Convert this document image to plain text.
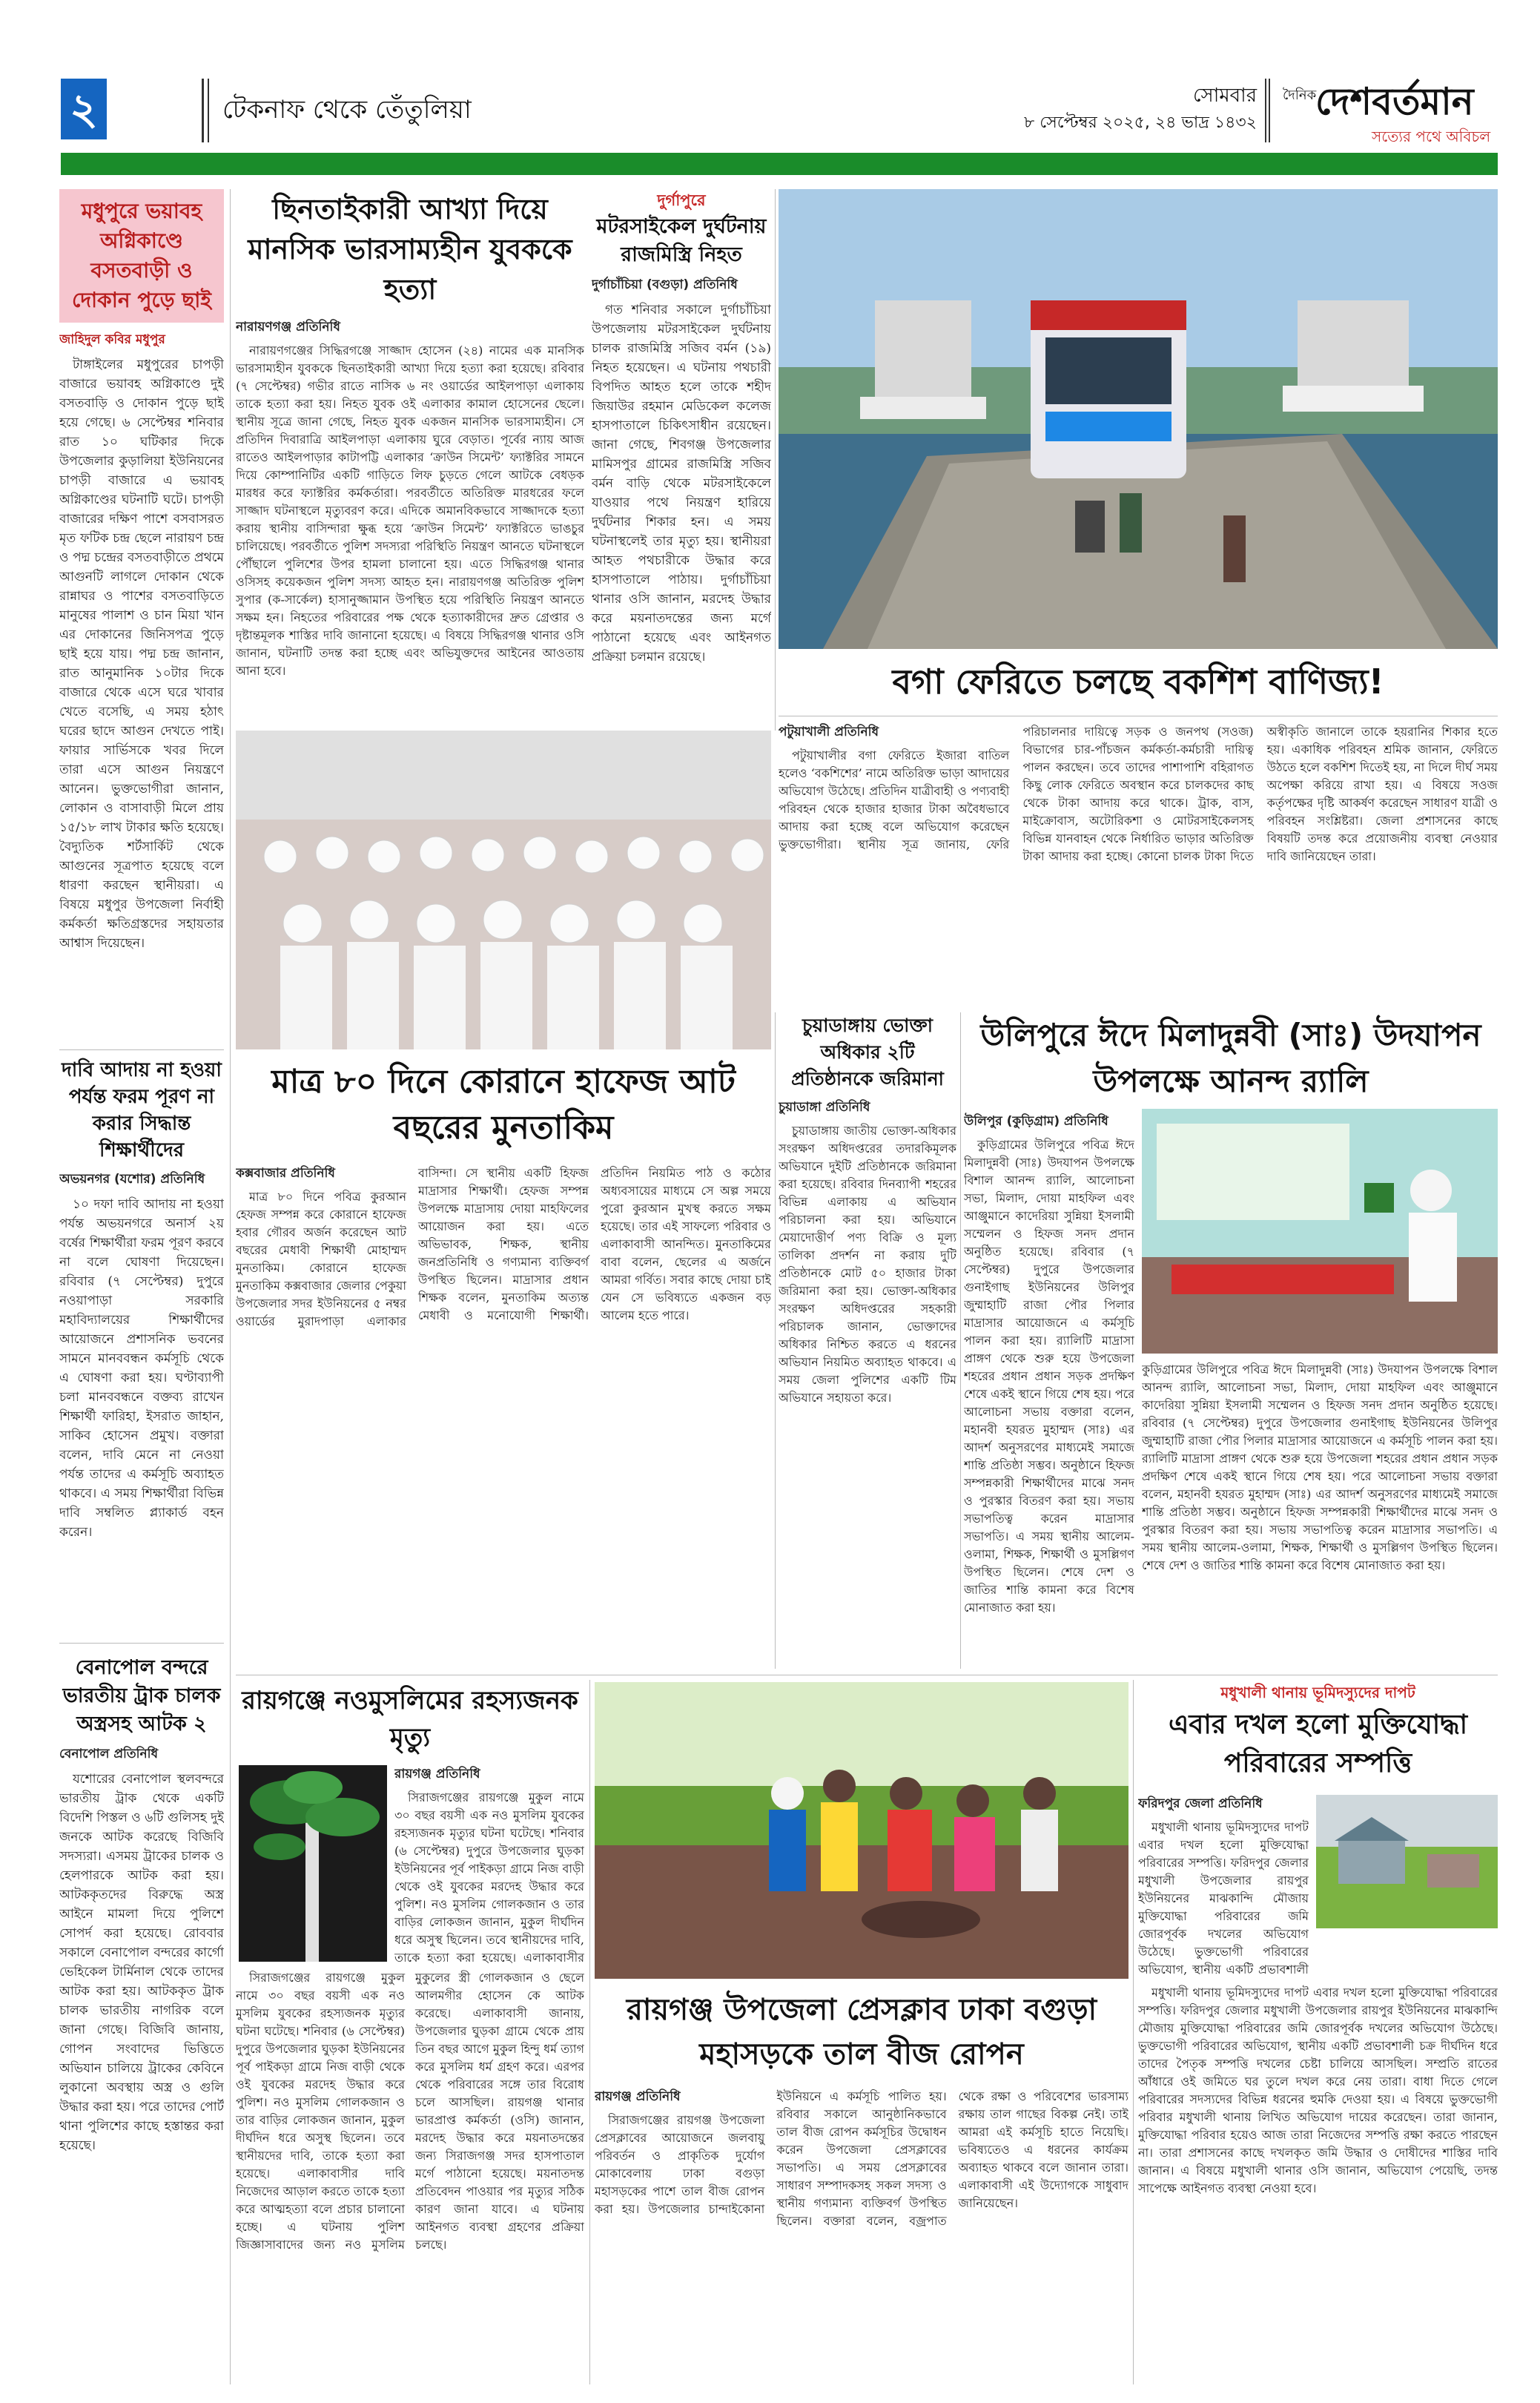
২	টেকনাফ থেকে তেঁতুলিয়া	সোমবার
৮ সেপ্টেম্বর ২০২৫, ২৪ ভাদ্র ১৪৩২
দৈনিক
দেশবর্তমান
সত্যের পথে অবিচল
মধুপুরে ভয়াবহ অগ্নিকাণ্ডে বসতবাড়ী ও দোকান পুড়ে ছাই
জাহিদুল কবির মধুপুর

টাঙ্গাইলের মধুপুরের চাপড়ী বাজারে ভয়াবহ অগ্নিকাণ্ডে দুই বসতবাড়ি ও দোকান পুড়ে ছাই হয়ে গেছে। ৬ সেপ্টেম্বর শনিবার রাত ১০ ঘটিকার দিকে উপজেলার কুড়ালিয়া ইউনিয়নের চাপড়ী বাজারে এ ভয়াবহ অগ্নিকাণ্ডের ঘটনাটি ঘটে। চাপড়ী বাজারের দক্ষিণ পাশে বসবাসরত মৃত ফটিক চন্দ্র ছেলে নারায়ণ চন্দ্র ও পদ্ম চন্দ্রের বসতবাড়ীতে প্রথমে আগুনটি লাগলে দোকান থেকে রান্নাঘর ও পাশের বসতবাড়িতে মানুষের পালাশ ও চান মিয়া খান এর দোকানের জিনিসপত্র পুড়ে ছাই হয়ে যায়। পদ্ম চন্দ্র জানান, রাত আনুমানিক ১০টার দিকে বাজারে থেকে এসে ঘরে খাবার খেতে বসেছি, এ সময় হঠাৎ ঘরের ছাদে আগুন দেখতে পাই। ফায়ার সার্ভিসকে খবর দিলে তারা এসে আগুন নিয়ন্ত্রণে আনেন। ভুক্তভোগীরা জানান, লোকান ও বাসাবাড়ী মিলে প্রায় ১৫/১৮ লাখ টাকার ক্ষতি হয়েছে। বৈদ্যুতিক শর্টসার্কিট থেকে আগুনের সূত্রপাত হয়েছে বলে ধারণা করছেন স্থানীয়রা। এ বিষয়ে মধুপুর উপজেলা নির্বাহী কর্মকর্তা ক্ষতিগ্রস্তদের সহায়তার আশ্বাস দিয়েছেন।

দাবি আদায় না হওয়া পর্যন্ত ফরম পূরণ না করার সিদ্ধান্ত শিক্ষার্থীদের
অভয়নগর (যশোর) প্রতিনিধি

১০ দফা দাবি আদায় না হওয়া পর্যন্ত অভয়নগরে অনার্স ২য় বর্ষের শিক্ষার্থীরা ফরম পূরণ করবে না বলে ঘোষণা দিয়েছেন। রবিবার (৭ সেপ্টেম্বর) দুপুরে নওয়াপাড়া সরকারি মহাবিদ্যালয়ের শিক্ষার্থীদের আয়োজনে প্রশাসনিক ভবনের সামনে মানববন্ধন কর্মসূচি থেকে এ ঘোষণা করা হয়। ঘণ্টাব্যাপী চলা মানববন্ধনে বক্তব্য রাখেন শিক্ষার্থী ফারিহা, ইসরাত জাহান, সাকিব হোসেন প্রমুখ। বক্তারা বলেন, দাবি মেনে না নেওয়া পর্যন্ত তাদের এ কর্মসূচি অব্যাহত থাকবে। এ সময় শিক্ষার্থীরা বিভিন্ন দাবি সম্বলিত প্ল্যাকার্ড বহন করেন।

বেনাপোল বন্দরে ভারতীয় ট্রাক চালক অস্ত্রসহ আটক ২
বেনাপোল প্রতিনিধি

যশোরের বেনাপোল স্থলবন্দরে ভারতীয় ট্রাক থেকে একটি বিদেশি পিস্তল ও ৬টি গুলিসহ দুই জনকে আটক করেছে বিজিবি সদস্যরা। এসময় ট্রাকের চালক ও হেলপারকে আটক করা হয়। আটককৃতদের বিরুদ্ধে অস্ত্র আইনে মামলা দিয়ে পুলিশে সোপর্দ করা হয়েছে। রোববার সকালে বেনাপোল বন্দরের কার্গো ভেহিকেল টার্মিনাল থেকে তাদের আটক করা হয়। আটককৃত ট্রাক চালক ভারতীয় নাগরিক বলে জানা গেছে। বিজিবি জানায়, গোপন সংবাদের ভিত্তিতে অভিযান চালিয়ে ট্রাকের কেবিনে লুকানো অবস্থায় অস্ত্র ও গুলি উদ্ধার করা হয়। পরে তাদের পোর্ট থানা পুলিশের কাছে হস্তান্তর করা হয়েছে।

ছিনতাইকারী আখ্যা দিয়ে মানসিক ভারসাম্যহীন যুবককে হত্যা
নারায়ণগঞ্জ প্রতিনিধি

নারায়ণগঞ্জের সিদ্ধিরগঞ্জে সাজ্জাদ হোসেন (২৪) নামের এক মানসিক ভারসাম্যহীন যুবককে ছিনতাইকারী আখ্যা দিয়ে হত্যা করা হয়েছে। রবিবার (৭ সেপ্টেম্বর) গভীর রাতে নাসিক ৬ নং ওয়ার্ডের আইলপাড়া এলাকায় তাকে হত্যা করা হয়। নিহত যুবক ওই এলাকার কামাল হোসেনের ছেলে। স্থানীয় সূত্রে জানা গেছে, নিহত যুবক একজন মানসিক ভারসাম্যহীন। সে প্রতিদিন দিবারাত্রি আইলপাড়া এলাকায় ঘুরে বেড়াত। পূর্বের ন্যায় আজ রাতেও আইলপাড়ার কাটাপট্টি এলাকার ‘ক্রাউন সিমেন্ট’ ফ্যাক্টরির সামনে দিয়ে কোম্পানিটির একটি গাড়িতে লিফ চুড়তে গেলে আটকে বেধড়ক মারধর করে ফ্যাক্টরির কর্মকর্তারা। পরবর্তীতে অতিরিক্ত মারধরের ফলে সাজ্জাদ ঘটনাস্থলে মৃত্যুবরণ করে। এদিকে অমানবিকভাবে সাজ্জাদকে হত্যা করায় স্থানীয় বাসিন্দারা ক্ষুব্ধ হয়ে ‘ক্রাউন সিমেন্ট’ ফ্যাক্টরিতে ভাঙচুর চালিয়েছে। পরবর্তীতে পুলিশ সদস্যরা পরিস্থিতি নিয়ন্ত্রণ আনতে ঘটনাস্থলে পৌঁছালে পুলিশের উপর হামলা চালানো হয়। এতে সিদ্ধিরগঞ্জ থানার ওসিসহ কয়েকজন পুলিশ সদস্য আহত হন। নারায়ণগঞ্জ অতিরিক্ত পুলিশ সুপার (ক-সার্কেল) হাসানুজ্জামান উপস্থিত হয়ে পরিস্থিতি নিয়ন্ত্রণ আনতে সক্ষম হন। নিহতের পরিবারের পক্ষ থেকে হত্যাকারীদের দ্রুত গ্রেপ্তার ও দৃষ্টান্তমূলক শাস্তির দাবি জানানো হয়েছে। এ বিষয়ে সিদ্ধিরগঞ্জ থানার ওসি জানান, ঘটনাটি তদন্ত করা হচ্ছে এবং অভিযুক্তদের আইনের আওতায় আনা হবে।

দুর্গাপুরে
মটরসাইকেল দুর্ঘটনায় রাজমিস্ত্রি নিহত
দুর্গাচাঁচিয়া (বগুড়া) প্রতিনিধি

গত শনিবার সকালে দুর্গাচাঁচিয়া উপজেলায় মটরসাইকেল দুর্ঘটনায় চালক রাজমিস্ত্রি সজিব বর্মন (১৯) নিহত হয়েছেন। এ ঘটনায় পথচারী বিপদিত আহত হলে তাকে শহীদ জিয়াউর রহমান মেডিকেল কলেজ হাসপাতালে চিকিৎসাধীন রয়েছেন। জানা গেছে, শিবগঞ্জ উপজেলার মামিসপুর গ্রামের রাজমিস্ত্রি সজিব বর্মন বাড়ি থেকে মটরসাইকেলে যাওয়ার পথে নিয়ন্ত্রণ হারিয়ে দুর্ঘটনার শিকার হন। এ সময় ঘটনাস্থলেই তার মৃত্যু হয়। স্থানীয়রা আহত পথচারীকে উদ্ধার করে হাসপাতালে পাঠায়। দুর্গাচাঁচিয়া থানার ওসি জানান, মরদেহ উদ্ধার করে ময়নাতদন্তের জন্য মর্গে পাঠানো হয়েছে এবং আইনগত প্রক্রিয়া চলমান রয়েছে।

বগা ফেরিতে চলছে বকশিশ বাণিজ্য!
পটুয়াখালী প্রতিনিধি

পটুয়াখালীর বগা ফেরিতে ইজারা বাতিল হলেও ‘বকশিশের’ নামে অতিরিক্ত ভাড়া আদায়ের অভিযোগ উঠেছে। প্রতিদিন যাত্রীবাহী ও পণ্যবাহী পরিবহন থেকে হাজার হাজার টাকা অবৈধভাবে আদায় করা হচ্ছে বলে অভিযোগ করেছেন ভুক্তভোগীরা। স্থানীয় সূত্র জানায়, ফেরি পরিচালনার দায়িত্বে সড়ক ও জনপথ (সওজ) বিভাগের চার-পাঁচজন কর্মকর্তা-কর্মচারী দায়িত্ব পালন করছেন। তবে তাদের পাশাপাশি বহিরাগত কিছু লোক ফেরিতে অবস্থান করে চালকদের কাছ থেকে টাকা আদায় করে থাকে। ট্রাক, বাস, মাইক্রোবাস, অটোরিকশা ও মোটরসাইকেলসহ বিভিন্ন যানবাহন থেকে নির্ধারিত ভাড়ার অতিরিক্ত টাকা আদায় করা হচ্ছে। কোনো চালক টাকা দিতে অস্বীকৃতি জানালে তাকে হয়রানির শিকার হতে হয়। একাধিক পরিবহন শ্রমিক জানান, ফেরিতে উঠতে হলে বকশিশ দিতেই হয়, না দিলে দীর্ঘ সময় অপেক্ষা করিয়ে রাখা হয়। এ বিষয়ে সওজ কর্তৃপক্ষের দৃষ্টি আকর্ষণ করেছেন সাধারণ যাত্রী ও পরিবহন সংশ্লিষ্টরা। জেলা প্রশাসনের কাছে বিষয়টি তদন্ত করে প্রয়োজনীয় ব্যবস্থা নেওয়ার দাবি জানিয়েছেন তারা।

মাত্র ৮০ দিনে কোরানে হাফেজ আট বছরের মুনতাকিম
কক্সবাজার প্রতিনিধি

মাত্র ৮০ দিনে পবিত্র কুরআন হেফজ সম্পন্ন করে কোরানে হাফেজ হবার গৌরব অর্জন করেছেন আট বছরের মেধাবী শিক্ষার্থী মোহাম্মদ মুনতাকিম। কোরানে হাফেজ মুনতাকিম কক্সবাজার জেলার পেকুয়া উপজেলার সদর ইউনিয়নের ৫ নম্বর ওয়ার্ডের মুরাদপাড়া এলাকার বাসিন্দা। সে স্থানীয় একটি হিফজ মাদ্রাসার শিক্ষার্থী। হেফজ সম্পন্ন উপলক্ষে মাদ্রাসায় দোয়া মাহফিলের আয়োজন করা হয়। এতে অভিভাবক, শিক্ষক, স্থানীয় জনপ্রতিনিধি ও গণ্যমান্য ব্যক্তিবর্গ উপস্থিত ছিলেন। মাদ্রাসার প্রধান শিক্ষক বলেন, মুনতাকিম অত্যন্ত মেধাবী ও মনোযোগী শিক্ষার্থী। প্রতিদিন নিয়মিত পাঠ ও কঠোর অধ্যবসায়ের মাধ্যমে সে অল্প সময়ে পুরো কুরআন মুখস্থ করতে সক্ষম হয়েছে। তার এই সাফল্যে পরিবার ও এলাকাবাসী আনন্দিত। মুনতাকিমের বাবা বলেন, ছেলের এ অর্জনে আমরা গর্বিত। সবার কাছে দোয়া চাই যেন সে ভবিষ্যতে একজন বড় আলেম হতে পারে।

চুয়াডাঙ্গায় ভোক্তা অধিকার ২টি প্রতিষ্ঠানকে জরিমানা
চুয়াডাঙ্গা প্রতিনিধি

চুয়াডাঙ্গায় জাতীয় ভোক্তা-অধিকার সংরক্ষণ অধিদপ্তরের তদারকিমূলক অভিযানে দুইটি প্রতিষ্ঠানকে জরিমানা করা হয়েছে। রবিবার দিনব্যাপী শহরের বিভিন্ন এলাকায় এ অভিযান পরিচালনা করা হয়। অভিযানে মেয়াদোত্তীর্ণ পণ্য বিক্রি ও মূল্য তালিকা প্রদর্শন না করায় দুটি প্রতিষ্ঠানকে মোট ৫০ হাজার টাকা জরিমানা করা হয়। ভোক্তা-অধিকার সংরক্ষণ অধিদপ্তরের সহকারী পরিচালক জানান, ভোক্তাদের অধিকার নিশ্চিত করতে এ ধরনের অভিযান নিয়মিত অব্যাহত থাকবে। এ সময় জেলা পুলিশের একটি টিম অভিযানে সহায়তা করে।

উলিপুরে ঈদে মিলাদুন্নবী (সাঃ) উদযাপন উপলক্ষে আনন্দ র‍্যালি
উলিপুর (কুড়িগ্রাম) প্রতিনিধি

কুড়িগ্রামের উলিপুরে পবিত্র ঈদে মিলাদুন্নবী (সাঃ) উদযাপন উপলক্ষে বিশাল আনন্দ র‍্যালি, আলোচনা সভা, মিলাদ, দোয়া মাহফিল এবং আঞ্জুমানে কাদেরিয়া সুন্নিয়া ইসলামী সম্মেলন ও হিফজ সনদ প্রদান অনুষ্ঠিত হয়েছে। রবিবার (৭ সেপ্টেম্বর) দুপুরে উপজেলার গুনাইগাছ ইউনিয়নের উলিপুর জুম্মাহাটি রাজা পৌর পিলার মাদ্রাসার আয়োজনে এ কর্মসূচি পালন করা হয়। র‍্যালিটি মাদ্রাসা প্রাঙ্গণ থেকে শুরু হয়ে উপজেলা শহরের প্রধান প্রধান সড়ক প্রদক্ষিণ শেষে একই স্থানে গিয়ে শেষ হয়। পরে আলোচনা সভায় বক্তারা বলেন, মহানবী হযরত মুহাম্মদ (সাঃ) এর আদর্শ অনুসরণের মাধ্যমেই সমাজে শান্তি প্রতিষ্ঠা সম্ভব। অনুষ্ঠানে হিফজ সম্পন্নকারী শিক্ষার্থীদের মাঝে সনদ ও পুরস্কার বিতরণ করা হয়। সভায় সভাপতিত্ব করেন মাদ্রাসার সভাপতি। এ সময় স্থানীয় আলেম-ওলামা, শিক্ষক, শিক্ষার্থী ও মুসল্লিগণ উপস্থিত ছিলেন। শেষে দেশ ও জাতির শান্তি কামনা করে বিশেষ মোনাজাত করা হয়।

কুড়িগ্রামের উলিপুরে পবিত্র ঈদে মিলাদুন্নবী (সাঃ) উদযাপন উপলক্ষে বিশাল আনন্দ র‍্যালি, আলোচনা সভা, মিলাদ, দোয়া মাহফিল এবং আঞ্জুমানে কাদেরিয়া সুন্নিয়া ইসলামী সম্মেলন ও হিফজ সনদ প্রদান অনুষ্ঠিত হয়েছে। রবিবার (৭ সেপ্টেম্বর) দুপুরে উপজেলার গুনাইগাছ ইউনিয়নের উলিপুর জুম্মাহাটি রাজা পৌর পিলার মাদ্রাসার আয়োজনে এ কর্মসূচি পালন করা হয়। র‍্যালিটি মাদ্রাসা প্রাঙ্গণ থেকে শুরু হয়ে উপজেলা শহরের প্রধান প্রধান সড়ক প্রদক্ষিণ শেষে একই স্থানে গিয়ে শেষ হয়। পরে আলোচনা সভায় বক্তারা বলেন, মহানবী হযরত মুহাম্মদ (সাঃ) এর আদর্শ অনুসরণের মাধ্যমেই সমাজে শান্তি প্রতিষ্ঠা সম্ভব। অনুষ্ঠানে হিফজ সম্পন্নকারী শিক্ষার্থীদের মাঝে সনদ ও পুরস্কার বিতরণ করা হয়। সভায় সভাপতিত্ব করেন মাদ্রাসার সভাপতি। এ সময় স্থানীয় আলেম-ওলামা, শিক্ষক, শিক্ষার্থী ও মুসল্লিগণ উপস্থিত ছিলেন। শেষে দেশ ও জাতির শান্তি কামনা করে বিশেষ মোনাজাত করা হয়।

রায়গঞ্জে নওমুসলিমের রহস্যজনক মৃত্যু
রায়গঞ্জ প্রতিনিধি

সিরাজগঞ্জের রায়গঞ্জে মুকুল নামে ৩০ বছর বয়সী এক নও মুসলিম যুবকের রহস্যজনক মৃত্যুর ঘটনা ঘটেছে। শনিবার (৬ সেপ্টেম্বর) দুপুরে উপজেলার ঘুড়কা ইউনিয়নের পূর্ব পাইকড়া গ্রামে নিজ বাড়ী থেকে ওই যুবকের মরদেহ উদ্ধার করে পুলিশ। নও মুসলিম গোলকজান ও তার বাড়ির লোকজন জানান, মুকুল দীর্ঘদিন ধরে অসুস্থ ছিলেন। তবে স্থানীয়দের দাবি, তাকে হত্যা করা হয়েছে। এলাকাবাসীর

সিরাজগঞ্জের রায়গঞ্জে মুকুল নামে ৩০ বছর বয়সী এক নও মুসলিম যুবকের রহস্যজনক মৃত্যুর ঘটনা ঘটেছে। শনিবার (৬ সেপ্টেম্বর) দুপুরে উপজেলার ঘুড়কা ইউনিয়নের পূর্ব পাইকড়া গ্রামে নিজ বাড়ী থেকে ওই যুবকের মরদেহ উদ্ধার করে পুলিশ। নও মুসলিম গোলকজান ও তার বাড়ির লোকজন জানান, মুকুল দীর্ঘদিন ধরে অসুস্থ ছিলেন। তবে স্থানীয়দের দাবি, তাকে হত্যা করা হয়েছে। এলাকাবাসীর দাবি নিজেদের আড়াল করতে তাকে হত্যা করে আত্মহত্যা বলে প্রচার চালানো হচ্ছে। এ ঘটনায় পুলিশ জিজ্ঞাসাবাদের জন্য নও মুসলিম মুকুলের স্ত্রী গোলকজান ও ছেলে আলমগীর হোসেন কে আটক করেছে। এলাকাবাসী জানায়, উপজেলার ঘুড়কা গ্রামে থেকে প্রায় তিন বছর আগে মুকুল হিন্দু ধর্ম ত্যাগ করে মুসলিম ধর্ম গ্রহণ করে। এরপর থেকে পরিবারের সঙ্গে তার বিরোধ চলে আসছিল। রায়গঞ্জ থানার ভারপ্রাপ্ত কর্মকর্তা (ওসি) জানান, মরদেহ উদ্ধার করে ময়নাতদন্তের জন্য সিরাজগঞ্জ সদর হাসপাতাল মর্গে পাঠানো হয়েছে। ময়নাতদন্ত প্রতিবেদন পাওয়ার পর মৃত্যুর সঠিক কারণ জানা যাবে। এ ঘটনায় আইনগত ব্যবস্থা গ্রহণের প্রক্রিয়া চলছে।

রায়গঞ্জ উপজেলা প্রেসক্লাব ঢাকা বগুড়া মহাসড়কে তাল বীজ রোপন
রায়গঞ্জ প্রতিনিধি

সিরাজগঞ্জের রায়গঞ্জ উপজেলা প্রেসক্লাবের আয়োজনে জলবায়ু পরিবর্তন ও প্রাকৃতিক দুর্যোগ মোকাবেলায় ঢাকা বগুড়া মহাসড়কের পাশে তাল বীজ রোপন করা হয়। উপজেলার চান্দাইকোনা ইউনিয়নে এ কর্মসূচি পালিত হয়। রবিবার সকালে আনুষ্ঠানিকভাবে তাল বীজ রোপন কর্মসূচির উদ্বোধন করেন উপজেলা প্রেসক্লাবের সভাপতি। এ সময় প্রেসক্লাবের সাধারণ সম্পাদকসহ সকল সদস্য ও স্থানীয় গণ্যমান্য ব্যক্তিবর্গ উপস্থিত ছিলেন। বক্তারা বলেন, বজ্রপাত থেকে রক্ষা ও পরিবেশের ভারসাম্য রক্ষায় তাল গাছের বিকল্প নেই। তাই আমরা এই কর্মসূচি হাতে নিয়েছি। ভবিষ্যতেও এ ধরনের কার্যক্রম অব্যাহত থাকবে বলে জানান তারা। এলাকাবাসী এই উদ্যোগকে সাধুবাদ জানিয়েছেন।

মধুখালী থানায় ভূমিদস্যুদের দাপট
এবার দখল হলো মুক্তিযোদ্ধা পরিবারের সম্পত্তি
ফরিদপুর জেলা প্রতিনিধি

মধুখালী থানায় ভূমিদস্যুদের দাপট এবার দখল হলো মুক্তিযোদ্ধা পরিবারের সম্পত্তি। ফরিদপুর জেলার মধুখালী উপজেলার রায়পুর ইউনিয়নের মাঝকান্দি মৌজায় মুক্তিযোদ্ধা পরিবারের জমি জোরপূর্বক দখলের অভিযোগ উঠেছে। ভুক্তভোগী পরিবারের অভিযোগ, স্থানীয় একটি প্রভাবশালী

মধুখালী থানায় ভূমিদস্যুদের দাপট এবার দখল হলো মুক্তিযোদ্ধা পরিবারের সম্পত্তি। ফরিদপুর জেলার মধুখালী উপজেলার রায়পুর ইউনিয়নের মাঝকান্দি মৌজায় মুক্তিযোদ্ধা পরিবারের জমি জোরপূর্বক দখলের অভিযোগ উঠেছে। ভুক্তভোগী পরিবারের অভিযোগ, স্থানীয় একটি প্রভাবশালী চক্র দীর্ঘদিন ধরে তাদের পৈতৃক সম্পত্তি দখলের চেষ্টা চালিয়ে আসছিল। সম্প্রতি রাতের আঁধারে ওই জমিতে ঘর তুলে দখল করে নেয় তারা। বাধা দিতে গেলে পরিবারের সদস্যদের বিভিন্ন ধরনের হুমকি দেওয়া হয়। এ বিষয়ে ভুক্তভোগী পরিবার মধুখালী থানায় লিখিত অভিযোগ দায়ের করেছেন। তারা জানান, মুক্তিযোদ্ধা পরিবার হয়েও আজ তারা নিজেদের সম্পত্তি রক্ষা করতে পারছেন না। তারা প্রশাসনের কাছে দখলকৃত জমি উদ্ধার ও দোষীদের শাস্তির দাবি জানান। এ বিষয়ে মধুখালী থানার ওসি জানান, অভিযোগ পেয়েছি, তদন্ত সাপেক্ষে আইনগত ব্যবস্থা নেওয়া হবে।
